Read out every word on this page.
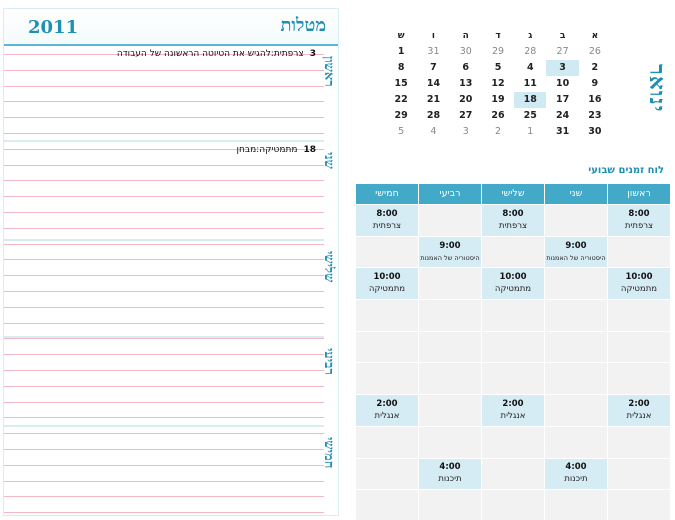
2011	מטלות
ראשון
3צרפתית:להגיש את הטיוטה הראשונה של העבודה
שני
18מתמטיקה:מבחן
שלישי
רביעי
חמישי
א
ב
ג
ד
ה
ו
ש
26
27
28
29
30
31
1
2
3
4
5
6
7
8
9
10
11
12
13
14
15
16
17
18
19
20
21
22
23
24
25
26
27
28
29
30
31
1
2
3
4
5
ינואר
לוח זמנים שבועי
ראשון
שני
שלישי
רביעי
חמישי
8:00
צרפתית
8:00
צרפתית
8:00
צרפתית
9:00
היסטוריה של האמנות
9:00
היסטוריה של האמנות
10:00
מתמטיקה
10:00
מתמטיקה
10:00
מתמטיקה
2:00
אנגלית
2:00
אנגלית
2:00
אנגלית
4:00
תיכנות
4:00
תיכנות
